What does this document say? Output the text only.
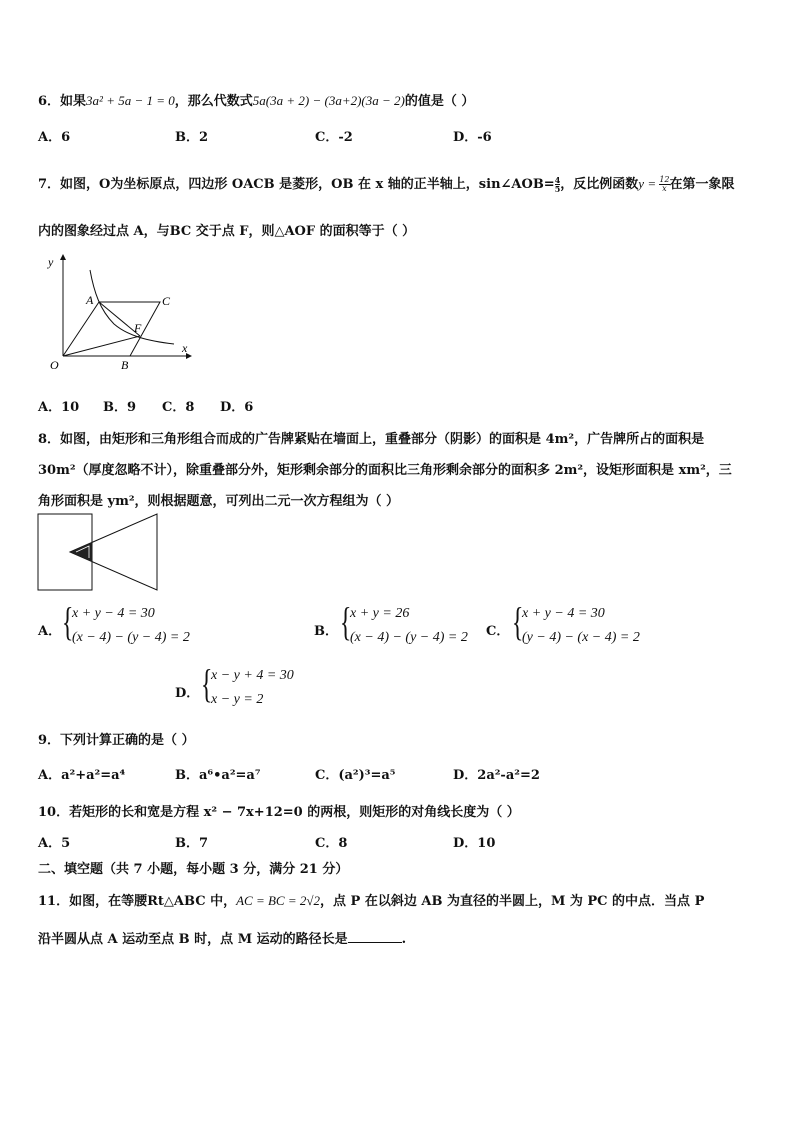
6．如果3a² + 5a − 1 = 0，那么代数式5a(3a + 2) − (3a+2)(3a − 2)的值是（ ）
A．6	B．2	C．-2	D．-6
7．如图，O为坐标原点，四边形 OACB 是菱形，OB 在 x 轴的正半轴上，sin∠AOB= $\frac{4}{5}$ ，反比例函数$y = \frac{12}{x}$ 在第一象限
内的图象经过点 A，与BC 交于点 F，则△AOF 的面积等于（ ）
y
x
O
A	C
F
B
A．10 B．9 C．8 D．6
8．如图，由矩形和三角形组合而成的广告牌紧贴在墙面上，重叠部分（阴影）的面积是 4m²，广告牌所占的面积是
30m²（厚度忽略不计），除重叠部分外，矩形剩余部分的面积比三角形剩余部分的面积多 2m²，设矩形面积是 xm²，三
角形面积是 ym²，则根据题意，可列出二元一次方程组为（ ）
A． {
x + y − 4 = 30
(x − 4) − (y − 4) = 2	B． {
x + y = 26
(x − 4) − (y − 4) = 2 C． {
x + y − 4 = 30
(y − 4) − (x − 4) = 2
D． {
x − y + 4 = 30
x − y = 2
9．下列计算正确的是（ ）
A．a²+a²=a⁴	B．a⁶•a²=a⁷	C．(a²)³=a⁵	D．2a²-a²=2
10．若矩形的长和宽是方程 x² − 7x+12=0 的两根，则矩形的对角线长度为（ ）
A．5	B．7	C．8	D．10
二、填空题（共 7 小题，每小题 3 分，满分 21 分）
11．如图，在等腰Rt△ABC 中，AC = BC = 2√2，点 P 在以斜边 AB 为直径的半圆上，M 为 PC 的中点．当点 P
沿半圆从点 A 运动至点 B 时，点 M 运动的路径长是	.
